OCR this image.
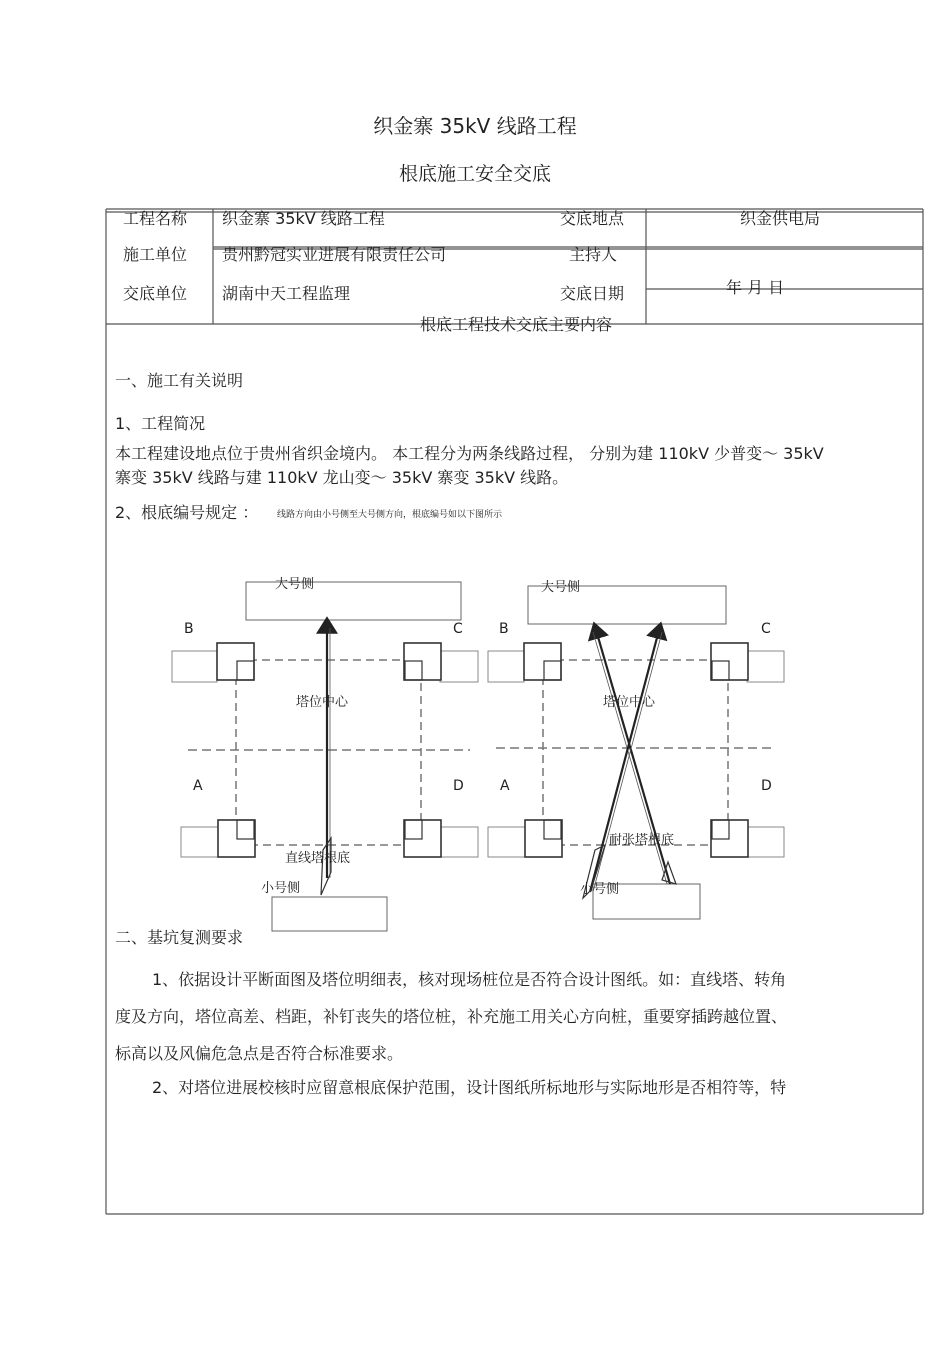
织金寨 35kV 线路工程
根底施工安全交底
工程名称 织金寨 35kV 线路工程	交底地点	织金供电局
施工单位 贵州黔冠实业进展有限责任公司	主持人
交底单位 湖南中天工程监理	交底日期	年 月 日
根底工程技术交底主要内容
一、施工有关说明
1、工程简况
本工程建设地点位于贵州省织金境内。 本工程分为两条线路过程， 分别为建 110kV 少普变～ 35kV
寨变 35kV 线路与建 110kV 龙山变～ 35kV 寨变 35kV 线路。
2、根底编号规定 ： 线路方向由小号侧至大号侧方向，根底编号如以下图所示
大号侧
小号侧
塔位中心
直线塔根底
B	C
A	D
大号侧
小号侧
塔位中心
耐张塔根底
B	C
A	D
二、基坑复测要求
1、依据设计平断面图及塔位明细表，核对现场桩位是否符合设计图纸。如：直线塔、转角
度及方向，塔位高差、档距，补钉丧失的塔位桩，补充施工用关心方向桩，重要穿插跨越位置、
标高以及风偏危急点是否符合标准要求。
2、对塔位进展校核时应留意根底保护范围，设计图纸所标地形与实际地形是否相符等，特
